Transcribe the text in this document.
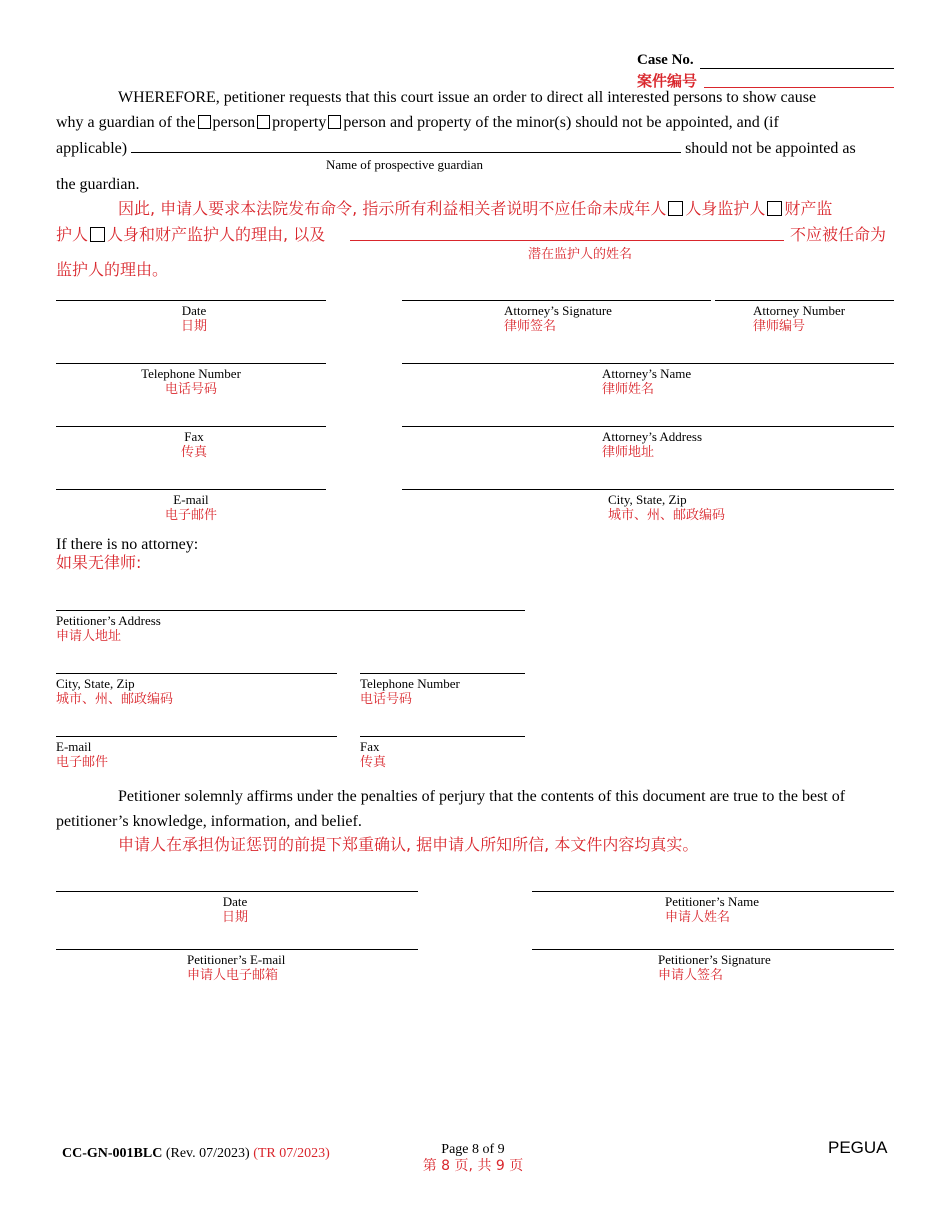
Case No.
案件编号
WHEREFORE, petitioner requests that this court issue an order to direct all interested persons to show cause
why a guardian of the person property person and property of the minor(s) should not be appointed, and (if
applicable)	should not be appointed as
Name of prospective guardian
the guardian.
因此, 申请人要求本法院发布命令, 指示所有利益相关者说明不应任命未成年人 人身监护人 财产监
护人 人身和财产监护人的理由, 以及	不应被任命为
潜在监护人的姓名
监护人的理由。
Date
日期
Attorney’s Signature
律师签名
Attorney Number
律师编号
Telephone Number
电话号码
Attorney’s Name
律师姓名
Fax
传真
Attorney’s Address
律师地址
E-mail
电子邮件
City, State, Zip
城市、州、邮政编码
If there is no attorney:
如果无律师:
Petitioner’s Address
申请人地址
City, State, Zip
城市、州、邮政编码
Telephone Number
电话号码
E-mail
电子邮件
Fax
传真
Petitioner solemnly affirms under the penalties of perjury that the contents of this document are true to the best of
petitioner’s knowledge, information, and belief.
申请人在承担伪证惩罚的前提下郑重确认, 据申请人所知所信, 本文件内容均真实。
Date
日期
Petitioner’s Name
申请人姓名
Petitioner’s E-mail
申请人电子邮箱
Petitioner’s Signature
申请人签名
CC-GN-001BLC (Rev. 07/2023) (TR 07/2023)	Page 8 of 9
第 8 页, 共 9 页
PEGUA
